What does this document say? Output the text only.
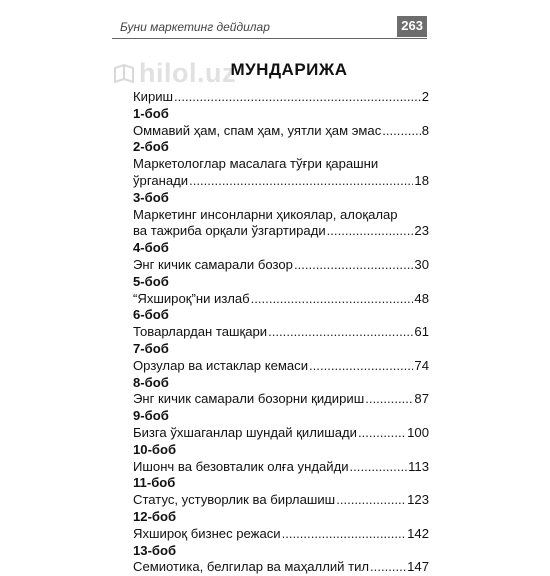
Буни маркетинг дейдилар	263
hilol.uz
МУНДАРИЖА
Кириш .....	2
1-боб
Оммавий ҳам, спам ҳам, уятли ҳам эмас .....	8
2-боб
Маркетологлар масалага тўғри қарашни
ўрганади .....	18
3-боб
Маркетинг инсонларни ҳикоялар, алоқалар
ва тажриба орқали ўзгартиради .....	23
4-боб
Энг кичик самарали бозор .....	30
5-боб
“Яхшироқ”ни излаб .....	48
6-боб
Товарлардан ташқари .....	61
7-боб
Орзулар ва истаклар кемаси .....	74
8-боб
Энг кичик самарали бозорни қидириш .....	87
9-боб
Бизга ўхшаганлар шундай қилишади .....	100
10-боб
Ишонч ва безовталик олға ундайди .....	113
11-боб
Статус, устуворлик ва бирлашиш .....	123
12-боб
Яхшироқ бизнес режаси .....	142
13-боб
Семиотика, белгилар ва маҳаллий тил .....	147
